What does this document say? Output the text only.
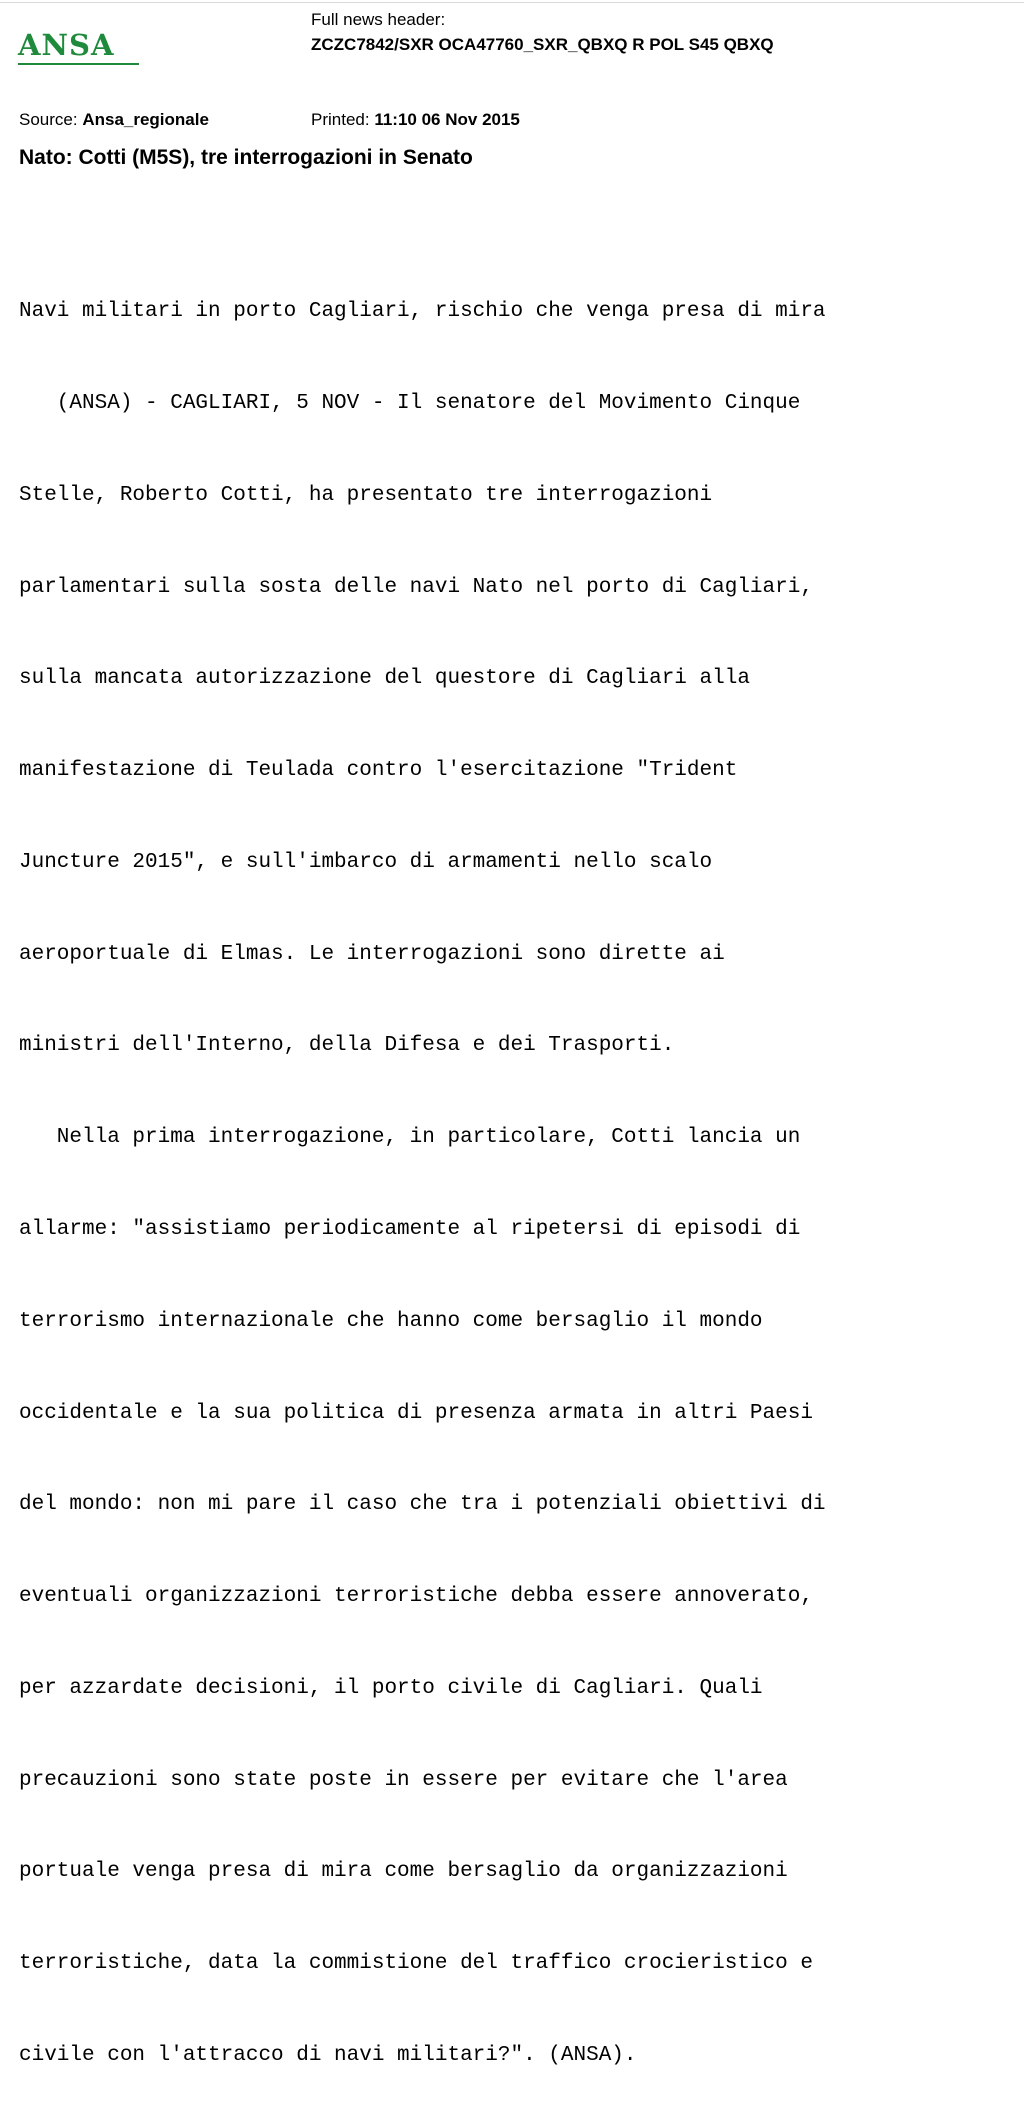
ANSA
Full news header:
ZCZC7842/SXR OCA47760_SXR_QBXQ R POL S45 QBXQ
Source: Ansa_regionale	Printed: 11:10 06 Nov 2015
Nato: Cotti (M5S), tre interrogazioni in Senato

Navi militari in porto Cagliari, rischio che venga presa di mira

(ANSA) - CAGLIARI, 5 NOV - Il senatore del Movimento Cinque

Stelle, Roberto Cotti, ha presentato tre interrogazioni

parlamentari sulla sosta delle navi Nato nel porto di Cagliari,

sulla mancata autorizzazione del questore di Cagliari alla

manifestazione di Teulada contro l'esercitazione "Trident

Juncture 2015", e sull'imbarco di armamenti nello scalo

aeroportuale di Elmas. Le interrogazioni sono dirette ai

ministri dell'Interno, della Difesa e dei Trasporti.

Nella prima interrogazione, in particolare, Cotti lancia un

allarme: "assistiamo periodicamente al ripetersi di episodi di

terrorismo internazionale che hanno come bersaglio il mondo

occidentale e la sua politica di presenza armata in altri Paesi

del mondo: non mi pare il caso che tra i potenziali obiettivi di

eventuali organizzazioni terroristiche debba essere annoverato,

per azzardate decisioni, il porto civile di Cagliari. Quali

precauzioni sono state poste in essere per evitare che l'area

portuale venga presa di mira come bersaglio da organizzazioni

terroristiche, data la commistione del traffico crocieristico e

civile con l'attracco di navi militari?". (ANSA).
